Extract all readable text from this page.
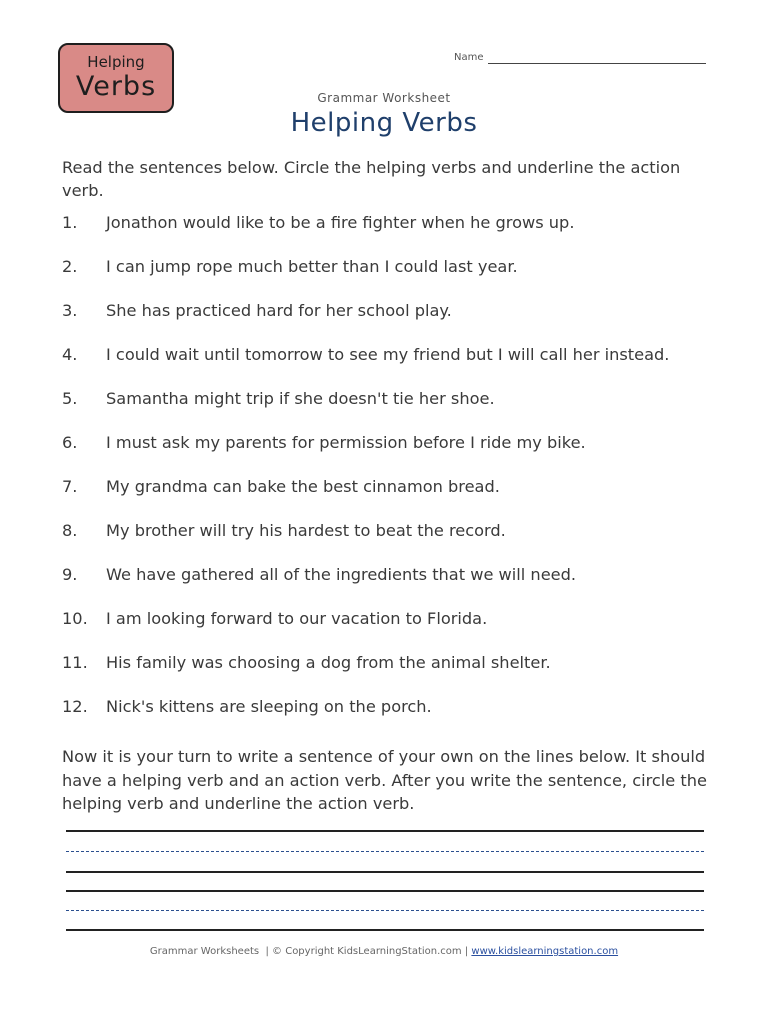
Helping
Verbs
Name
Grammar Worksheet
Helping Verbs
Read the sentences below. Circle the helping verbs and underline the action verb.
1. Jonathon would like to be a fire fighter when he grows up.
2. I can jump rope much better than I could last year.
3. She has practiced hard for her school play.
4. I could wait until tomorrow to see my friend but I will call her instead.
5. Samantha might trip if she doesn't tie her shoe.
6. I must ask my parents for permission before I ride my bike.
7. My grandma can bake the best cinnamon bread.
8. My brother will try his hardest to beat the record.
9. We have gathered all of the ingredients that we will need.
10. I am looking forward to our vacation to Florida.
11. His family was choosing a dog from the animal shelter.
12. Nick's kittens are sleeping on the porch.
Now it is your turn to write a sentence of your own on the lines below. It should have a helping verb and an action verb. After you write the sentence, circle the helping verb and underline the action verb.
Grammar Worksheets  | © Copyright KidsLearningStation.com | www.kidslearningstation.com
